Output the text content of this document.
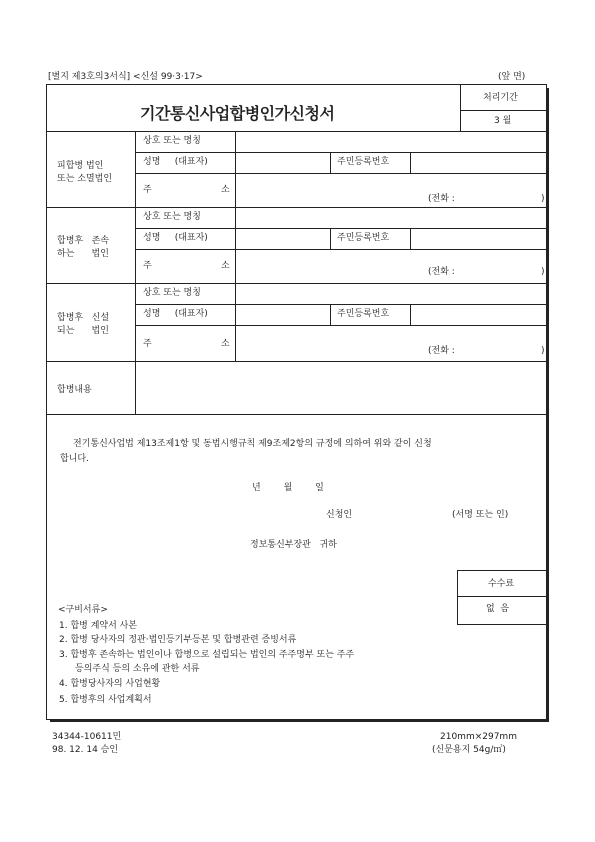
[별지 제3호의3서식] <신설 99·3·17>	(앞 면)
기간통신사업합병인가신청서
처리기간
3 월
피합병 법인
또는 소멸법인
상호 또는 명칭
성명     (대표자)	주민등록번호
주	소
(전화 :	)
합병후   존속
하는      법인
상호 또는 명칭
성명     (대표자)	주민등록번호
주	소
(전화 :	)
합병후   신설
되는      법인
상호 또는 명칭
성명     (대표자)	주민등록번호
주	소
(전화 :	)
합병내용
전기통신사업법 제13조제1항 및 동법시행규칙 제9조제2항의 규정에 의하여 위와 같이 신청
합니다.
년        월        일
신청인	(서명 또는 인)
정보통신부장관   귀하
수수료
없  음
<구비서류>
1. 합병 계약서 사본
2. 합병 당사자의 정관·법인등기부등본 및 합병관련 증빙서류
3. 합병후 존속하는 법인이나 합병으로 설립되는 법인의 주주명부 또는 주주
등의주식 등의 소유에 관한 서류
4. 합병당사자의 사업현황
5. 합병후의 사업계획서
34344-10611민
98. 12. 14 승인
210mm×297mm
(신문용지 54g/㎡)
